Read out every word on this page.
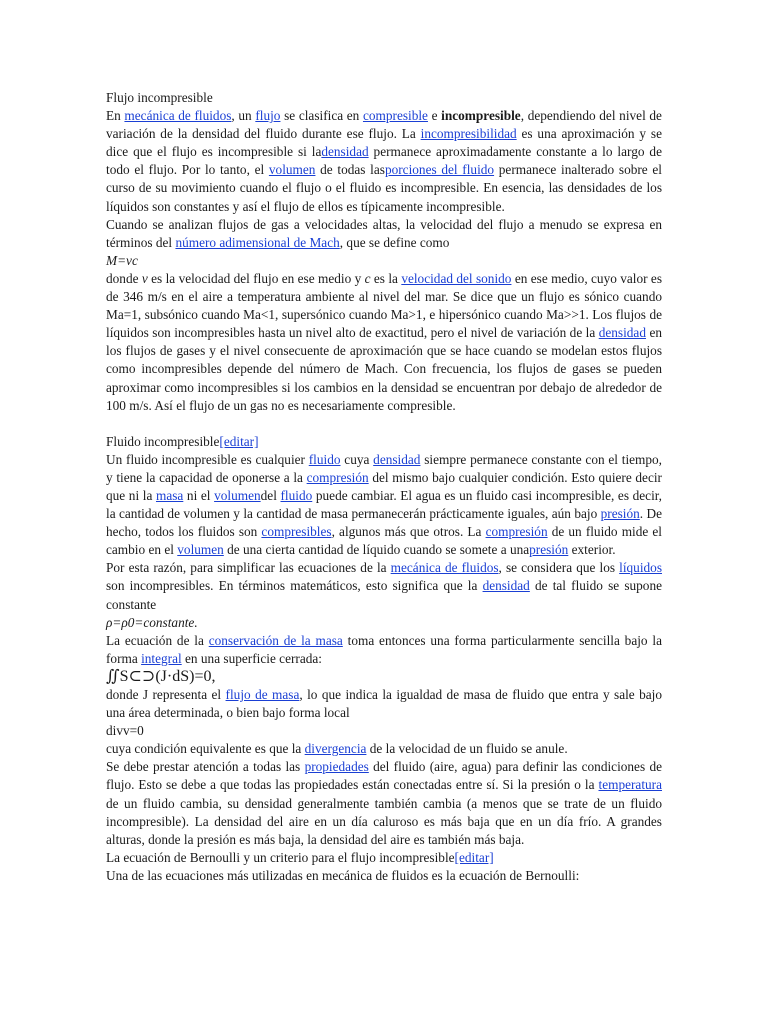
Flujo incompresible

En mecánica de fluidos, un flujo se clasifica en compresible e incompresible, dependiendo del nivel de variación de la densidad del fluido durante ese flujo. La incompresibilidad es una aproximación y se dice que el flujo es incompresible si ladensidad permanece aproximadamente constante a lo largo de todo el flujo. Por lo tanto, el volumen de todas lasporciones del fluido permanece inalterado sobre el curso de su movimiento cuando el flujo o el fluido es incompresible. En esencia, las densidades de los líquidos son constantes y así el flujo de ellos es típicamente incompresible.

Cuando se analizan flujos de gas a velocidades altas, la velocidad del flujo a menudo se expresa en términos del número adimensional de Mach, que se define como

M=vc

donde v es la velocidad del flujo en ese medio y c es la velocidad del sonido en ese medio, cuyo valor es de 346 m/s en el aire a temperatura ambiente al nivel del mar. Se dice que un flujo es sónico cuando Ma=1, subsónico cuando Ma<1, supersónico cuando Ma>1, e hipersónico cuando Ma>>1. Los flujos de líquidos son incompresibles hasta un nivel alto de exactitud, pero el nivel de variación de la densidad en los flujos de gases y el nivel consecuente de aproximación que se hace cuando se modelan estos flujos como incompresibles depende del número de Mach. Con frecuencia, los flujos de gases se pueden aproximar como incompresibles si los cambios en la densidad se encuentran por debajo de alrededor de 100 m/s. Así el flujo de un gas no es necesariamente compresible.

Fluido incompresible[editar]

Un fluido incompresible es cualquier fluido cuya densidad siempre permanece constante con el tiempo, y tiene la capacidad de oponerse a la compresión del mismo bajo cualquier condición. Esto quiere decir que ni la masa ni el volumendel fluido puede cambiar. El agua es un fluido casi incompresible, es decir, la cantidad de volumen y la cantidad de masa permanecerán prácticamente iguales, aún bajo presión. De hecho, todos los fluidos son compresibles, algunos más que otros. La compresión de un fluido mide el cambio en el volumen de una cierta cantidad de líquido cuando se somete a unapresión exterior.

Por esta razón, para simplificar las ecuaciones de la mecánica de fluidos, se considera que los líquidos son incompresibles. En términos matemáticos, esto significa que la densidad de tal fluido se supone constante

ρ=ρ0=constante.

La ecuación de la conservación de la masa toma entonces una forma particularmente sencilla bajo la forma integral en una superficie cerrada:

∬S⊂⊃(J·dS)=0,

donde J representa el flujo de masa, lo que indica la igualdad de masa de fluido que entra y sale bajo una área determinada, o bien bajo forma local

divv=0

cuya condición equivalente es que la divergencia de la velocidad de un fluido se anule.

Se debe prestar atención a todas las propiedades del fluido (aire, agua) para definir las condiciones de flujo. Esto se debe a que todas las propiedades están conectadas entre sí. Si la presión o la temperatura de un fluido cambia, su densidad generalmente también cambia (a menos que se trate de un fluido incompresible). La densidad del aire en un día caluroso es más baja que en un día frío. A grandes alturas, donde la presión es más baja, la densidad del aire es también más baja.

La ecuación de Bernoulli y un criterio para el flujo incompresible[editar]

Una de las ecuaciones más utilizadas en mecánica de fluidos es la ecuación de Bernoulli:
